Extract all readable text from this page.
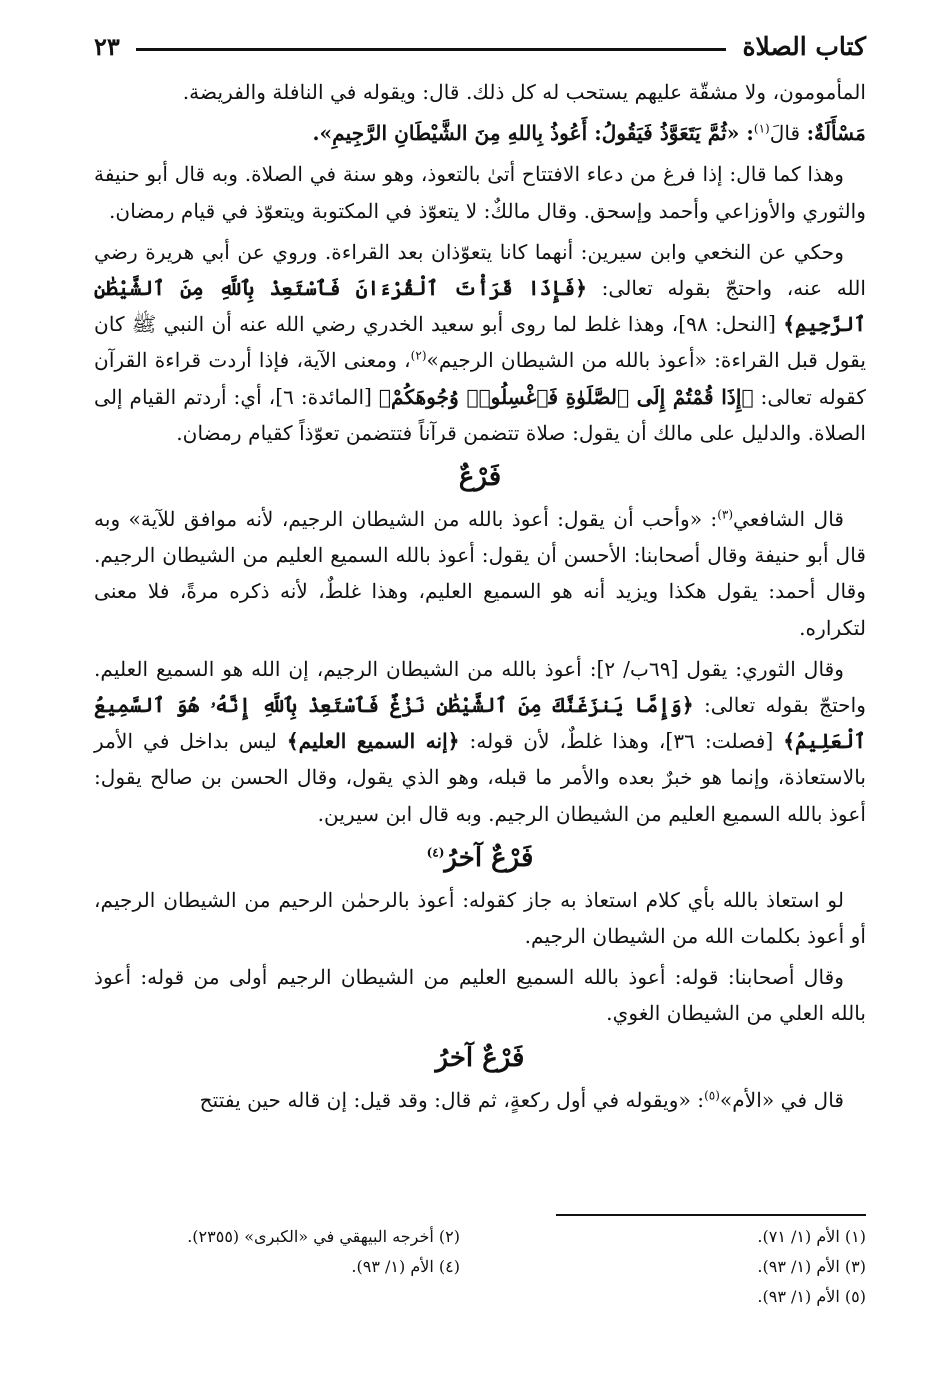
كتاب الصلاة
٢٣

المأمومون، ولا مشقّة عليهم يستحب له كل ذلك. قال: ويقوله في النافلة والفريضة.

مَسْأَلَةٌ: قالَ$^{(١)}$: «ثُمَّ يَتَعَوَّذُ فَيَقُولُ: أَعُوذُ بِاللهِ مِنَ الشَّيْطَانِ الرَّجِيمِ».

وهذا كما قال: إذا فرغ من دعاء الافتتاح أتىٰ بالتعوذ، وهو سنة في الصلاة. وبه قال أبو حنيفة والثوري والأوزاعي وأحمد وإسحق. وقال مالكٌ: لا يتعوّذ في المكتوبة ويتعوّذ في قيام رمضان.

وحكي عن النخعي وابن سيرين: أنهما كانا يتعوّذان بعد القراءة. وروي عن أبي هريرة رضي الله عنه، واحتجّ بقوله تعالى: ﴿فَإِذَا قَرَأْتَ ٱلْقُرْءَانَ فَٱسْتَعِذْ بِٱللَّهِ مِنَ ٱلشَّيْطَٰنِ ٱلرَّجِيمِ﴾ [النحل: ٩٨]، وهذا غلط لما روى أبو سعيد الخدري رضي الله عنه أن النبي ﷺ كان يقول قبل القراءة: «أعوذ بالله من الشيطان الرجيم»$^{(٢)}$، ومعنى الآية، فإذا أردت قراءة القرآن كقوله تعالى: ﴿إِذَا قُمْتُمْ إِلَى ٱلصَّلَوٰةِ فَٱغْسِلُوا۟ وُجُوهَكُمْ﴾ [المائدة: ٦]، أي: أردتم القيام إلى الصلاة. والدليل على مالك أن يقول: صلاة تتضمن قرآناً فتتضمن تعوّذاً كقيام رمضان.

فَرْعٌ

قال الشافعي$^{(٣)}$: «وأحب أن يقول: أعوذ بالله من الشيطان الرجيم، لأنه موافق للآية» وبه قال أبو حنيفة وقال أصحابنا: الأحسن أن يقول: أعوذ بالله السميع العليم من الشيطان الرجيم. وقال أحمد: يقول هكذا ويزيد أنه هو السميع العليم، وهذا غلطٌ، لأنه ذكره مرةً، فلا معنى لتكراره.

وقال الثوري: يقول [٦٩ب/ ٢]: أعوذ بالله من الشيطان الرجيم، إن الله هو السميع العليم. واحتجّ بقوله تعالى: ﴿وَإِمَّا يَنزَغَنَّكَ مِنَ ٱلشَّيْطَٰنِ نَزْغٌ فَٱسْتَعِذْ بِٱللَّهِ إِنَّهُۥ هُوَ ٱلسَّمِيعُ ٱلْعَلِيمُ﴾ [فصلت: ٣٦]، وهذا غلطٌ، لأن قوله: ﴿إنه السميع العليم﴾ ليس بداخل في الأمر بالاستعاذة، وإنما هو خبرٌ بعده والأمر ما قبله، وهو الذي يقول، وقال الحسن بن صالح يقول: أعوذ بالله السميع العليم من الشيطان الرجيم. وبه قال ابن سيرين.

فَرْعٌ آخرُ$^{(٤)}$

لو استعاذ بالله بأي كلام استعاذ به جاز كقوله: أعوذ بالرحمٰن الرحيم من الشيطان الرجيم، أو أعوذ بكلمات الله من الشيطان الرجيم.

وقال أصحابنا: قوله: أعوذ بالله السميع العليم من الشيطان الرجيم أولى من قوله: أعوذ بالله العلي من الشيطان الغوي.

فَرْعٌ آخرُ

قال في «الأم»$^{(٥)}$: «ويقوله في أول ركعةٍ، ثم قال: وقد قيل: إن قاله حين يفتتح

(١) الأم (١/ ٧١).
(٢) أخرجه البيهقي في «الكبرى» (٢٣٥٥).
(٣) الأم (١/ ٩٣).
(٤) الأم (١/ ٩٣).
(٥) الأم (١/ ٩٣).
